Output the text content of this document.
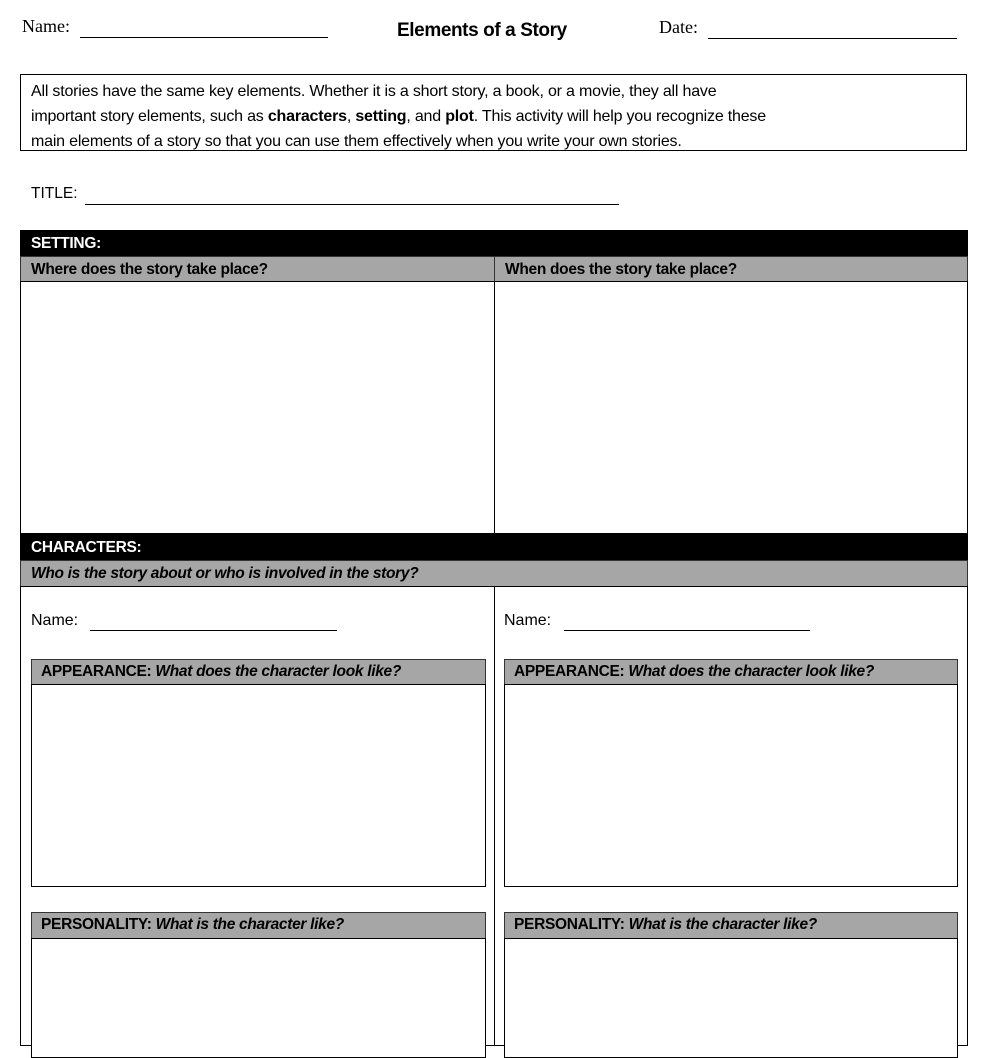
Name:	Elements of a Story	Date:
All stories have the same key elements. Whether it is a short story, a book, or a movie, they all have
important story elements, such as characters, setting, and plot. This activity will help you recognize these
main elements of a story so that you can use them effectively when you write your own stories.
TITLE:
SETTING:
Where does the story take place?	When does the story take place?
CHARACTERS:
Who is the story about or who is involved in the story?
Name:
APPEARANCE: What does the character look like?
PERSONALITY: What is the character like?
Name:
APPEARANCE: What does the character look like?
PERSONALITY: What is the character like?
